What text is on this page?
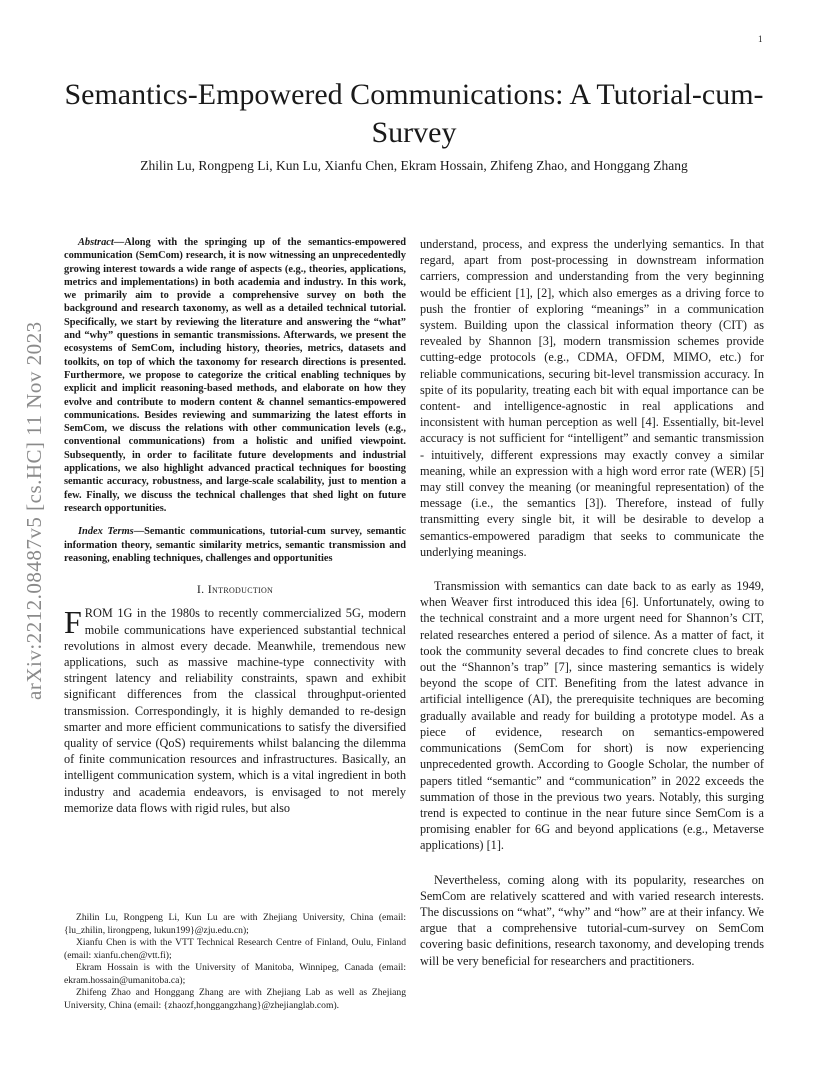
1
arXiv:2212.08487v5 [cs.HC] 11 Nov 2023
Semantics-Empowered Communications: A Tutorial-cum-Survey
Zhilin Lu, Rongpeng Li, Kun Lu, Xianfu Chen, Ekram Hossain, Zhifeng Zhao, and Honggang Zhang

Abstract—Along with the springing up of the semantics-empowered communication (SemCom) research, it is now witnessing an unprecedentedly growing interest towards a wide range of aspects (e.g., theories, applications, metrics and implementations) in both academia and industry. In this work, we primarily aim to provide a comprehensive survey on both the background and research taxonomy, as well as a detailed technical tutorial. Specifically, we start by reviewing the literature and answering the “what” and “why” questions in semantic transmissions. Afterwards, we present the ecosystems of SemCom, including history, theories, metrics, datasets and toolkits, on top of which the taxonomy for research directions is presented. Furthermore, we propose to categorize the critical enabling techniques by explicit and implicit reasoning-based methods, and elaborate on how they evolve and contribute to modern content & channel semantics-empowered communications. Besides reviewing and summarizing the latest efforts in SemCom, we discuss the relations with other communication levels (e.g., conventional communications) from a holistic and unified viewpoint. Subsequently, in order to facilitate future developments and industrial applications, we also highlight advanced practical techniques for boosting semantic accuracy, robustness, and large-scale scalability, just to mention a few. Finally, we discuss the technical challenges that shed light on future research opportunities.

Index Terms—Semantic communications, tutorial-cum survey, semantic information theory, semantic similarity metrics, semantic transmission and reasoning, enabling techniques, challenges and opportunities

I. Introduction

FROM 1G in the 1980s to recently commercialized 5G, modern mobile communications have experienced substantial technical revolutions in almost every decade. Meanwhile, tremendous new applications, such as massive machine-type connectivity with stringent latency and reliability constraints, spawn and exhibit significant differences from the classical throughput-oriented transmission. Correspondingly, it is highly demanded to re-design smarter and more efficient communications to satisfy the diversified quality of service (QoS) requirements whilst balancing the dilemma of finite communication resources and infrastructures. Basically, an intelligent communication system, which is a vital ingredient in both industry and academia endeavors, is envisaged to not merely memorize data flows with rigid rules, but also

Zhilin Lu, Rongpeng Li, Kun Lu are with Zhejiang University, China (email: {lu_zhilin, lirongpeng, lukun199}@zju.edu.cn);

Xianfu Chen is with the VTT Technical Research Centre of Finland, Oulu, Finland (email: xianfu.chen@vtt.fi);

Ekram Hossain is with the University of Manitoba, Winnipeg, Canada (email: ekram.hossain@umanitoba.ca);

Zhifeng Zhao and Honggang Zhang are with Zhejiang Lab as well as Zhejiang University, China (email: {zhaozf,honggangzhang}@zhejianglab.com).

understand, process, and express the underlying semantics. In that regard, apart from post-processing in downstream information carriers, compression and understanding from the very beginning would be efficient [1], [2], which also emerges as a driving force to push the frontier of exploring “meanings” in a communication system. Building upon the classical information theory (CIT) as revealed by Shannon [3], modern transmission schemes provide cutting-edge protocols (e.g., CDMA, OFDM, MIMO, etc.) for reliable communications, securing bit-level transmission accuracy. In spite of its popularity, treating each bit with equal importance can be content- and intelligence-agnostic in real applications and inconsistent with human perception as well [4]. Essentially, bit-level accuracy is not sufficient for “intelligent” and semantic transmission - intuitively, different expressions may exactly convey a similar meaning, while an expression with a high word error rate (WER) [5] may still convey the meaning (or meaningful representation) of the message (i.e., the semantics [3]). Therefore, instead of fully transmitting every single bit, it will be desirable to develop a semantics-empowered paradigm that seeks to communicate the underlying meanings.

Transmission with semantics can date back to as early as 1949, when Weaver first introduced this idea [6]. Unfortunately, owing to the technical constraint and a more urgent need for Shannon’s CIT, related researches entered a period of silence. As a matter of fact, it took the community several decades to find concrete clues to break out the “Shannon’s trap” [7], since mastering semantics is widely beyond the scope of CIT. Benefiting from the latest advance in artificial intelligence (AI), the prerequisite techniques are becoming gradually available and ready for building a prototype model. As a piece of evidence, research on semantics-empowered communications (SemCom for short) is now experiencing unprecedented growth. According to Google Scholar, the number of papers titled “semantic” and “communication” in 2022 exceeds the summation of those in the previous two years. Notably, this surging trend is expected to continue in the near future since SemCom is a promising enabler for 6G and beyond applications (e.g., Metaverse applications) [1].

Nevertheless, coming along with its popularity, researches on SemCom are relatively scattered and with varied research interests. The discussions on “what”, “why” and “how” are at their infancy. We argue that a comprehensive tutorial-cum-survey on SemCom covering basic definitions, research taxonomy, and developing trends will be very beneficial for researchers and practitioners.
